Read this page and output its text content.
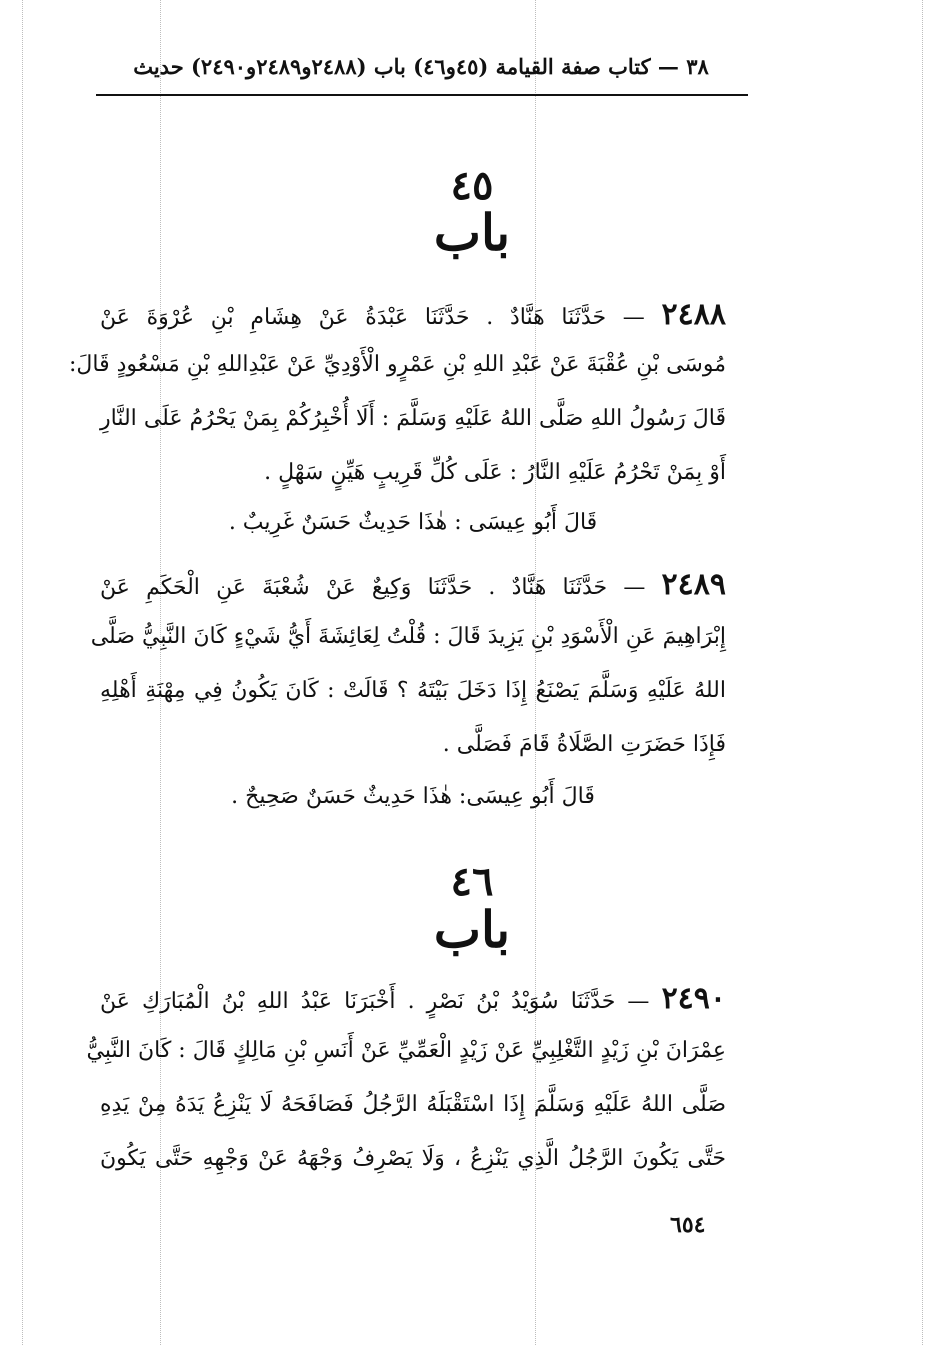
٣٨ — كتاب صفة القيامة (٤٥و٤٦) باب (٢٤٨٨و٢٤٨٩و٢٤٩٠) حديث
٤٥
باب
٢٤٨٨ — حَدَّثَنَا هَنَّادٌ . حَدَّثَنَا عَبْدَةُ عَنْ هِشَامِ بْنِ عُرْوَةَ عَنْ
مُوسَى بْنِ عُقْبَةَ عَنْ عَبْدِ اللهِ بْنِ عَمْرٍو الْأَوْدِيِّ عَنْ عَبْدِاللهِ بْنِ مَسْعُودٍ قَالَ:
قَالَ رَسُولُ اللهِ صَلَّى اللهُ عَلَيْهِ وَسَلَّمَ : أَلَا أُخْبِرُكُمْ بِمَنْ يَحْرُمُ عَلَى النَّارِ
أَوْ بِمَنْ تَحْرُمُ عَلَيْهِ النَّارُ : عَلَى كُلِّ قَرِيبٍ هَيِّنٍ سَهْلٍ .
قَالَ أَبُو عِيسَى : هٰذَا حَدِيثٌ حَسَنٌ غَرِيبٌ .
٢٤٨٩ — حَدَّثَنَا هَنَّادٌ . حَدَّثَنَا وَكِيعٌ عَنْ شُعْبَةَ عَنِ الْحَكَمِ عَنْ
إِبْرَاهِيمَ عَنِ الْأَسْوَدِ بْنِ يَزِيدَ قَالَ : قُلْتُ لِعَائِشَةَ أَيُّ شَيْءٍ كَانَ النَّبِيُّ صَلَّى
اللهُ عَلَيْهِ وَسَلَّمَ يَصْنَعُ إِذَا دَخَلَ بَيْتَهُ ؟ قَالَتْ : كَانَ يَكُونُ فِي مِهْنَةِ أَهْلِهِ
فَإِذَا حَضَرَتِ الصَّلَاةُ قَامَ فَصَلَّى .
قَالَ أَبُو عِيسَى: هٰذَا حَدِيثٌ حَسَنٌ صَحِيحٌ .
٤٦
باب
٢٤٩٠ — حَدَّثَنَا سُوَيْدُ بْنُ نَصْرٍ . أَخْبَرَنَا عَبْدُ اللهِ بْنُ الْمُبَارَكِ عَنْ
عِمْرَانَ بْنِ زَيْدٍ التَّغْلِبِيِّ عَنْ زَيْدٍ الْعَمِّيِّ عَنْ أَنَسِ بْنِ مَالِكٍ قَالَ : كَانَ النَّبِيُّ
صَلَّى اللهُ عَلَيْهِ وَسَلَّمَ إِذَا اسْتَقْبَلَهُ الرَّجُلُ فَصَافَحَهُ لَا يَنْزِعُ يَدَهُ مِنْ يَدِهِ
حَتَّى يَكُونَ الرَّجُلُ الَّذِي يَنْزِعُ ، وَلَا يَصْرِفُ وَجْهَهُ عَنْ وَجْهِهِ حَتَّى يَكُونَ
٦٥٤
